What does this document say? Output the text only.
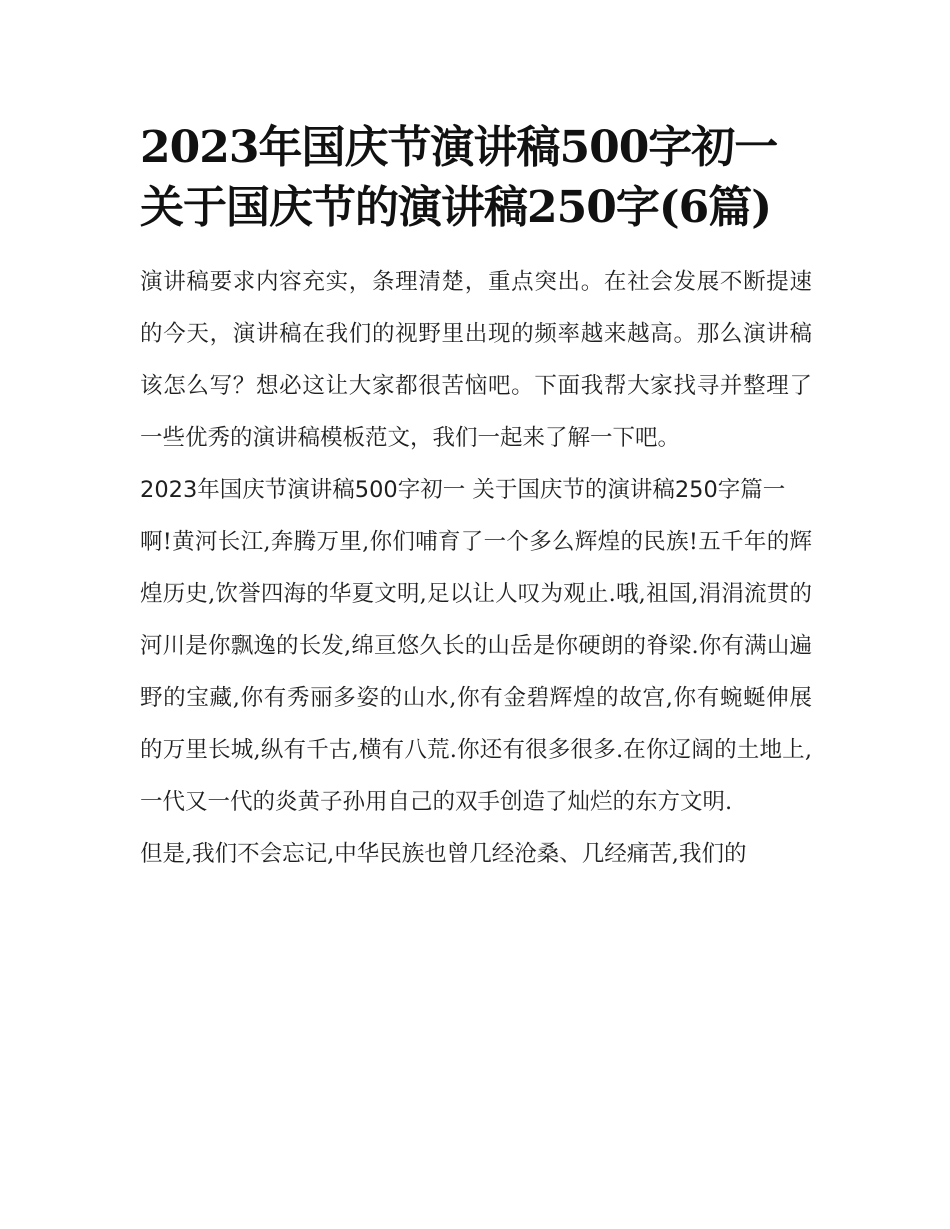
2023年国庆节演讲稿500字初一 关于国庆节的演讲稿250字(6篇)

演讲稿要求内容充实，条理清楚，重点突出。在社会发展不断提速的今天，演讲稿在我们的视野里出现的频率越来越高。那么演讲稿该怎么写？想必这让大家都很苦恼吧。下面我帮大家找寻并整理了一些优秀的演讲稿模板范文，我们一起来了解一下吧。

2023年国庆节演讲稿500字初一 关于国庆节的演讲稿250字篇一

啊!黄河长江,奔腾万里,你们哺育了一个多么辉煌的民族!五千年的辉煌历史,饮誉四海的华夏文明,足以让人叹为观止.哦,祖国,涓涓流贯的河川是你飘逸的长发,绵亘悠久长的山岳是你硬朗的脊梁.你有满山遍野的宝藏,你有秀丽多姿的山水,你有金碧辉煌的故宫,你有蜿蜒伸展的万里长城,纵有千古,横有八荒.你还有很多很多.在你辽阔的土地上,一代又一代的炎黄子孙用自己的双手创造了灿烂的东方文明.

但是,我们不会忘记,中华民族也曾几经沧桑、几经痛苦,我们的
